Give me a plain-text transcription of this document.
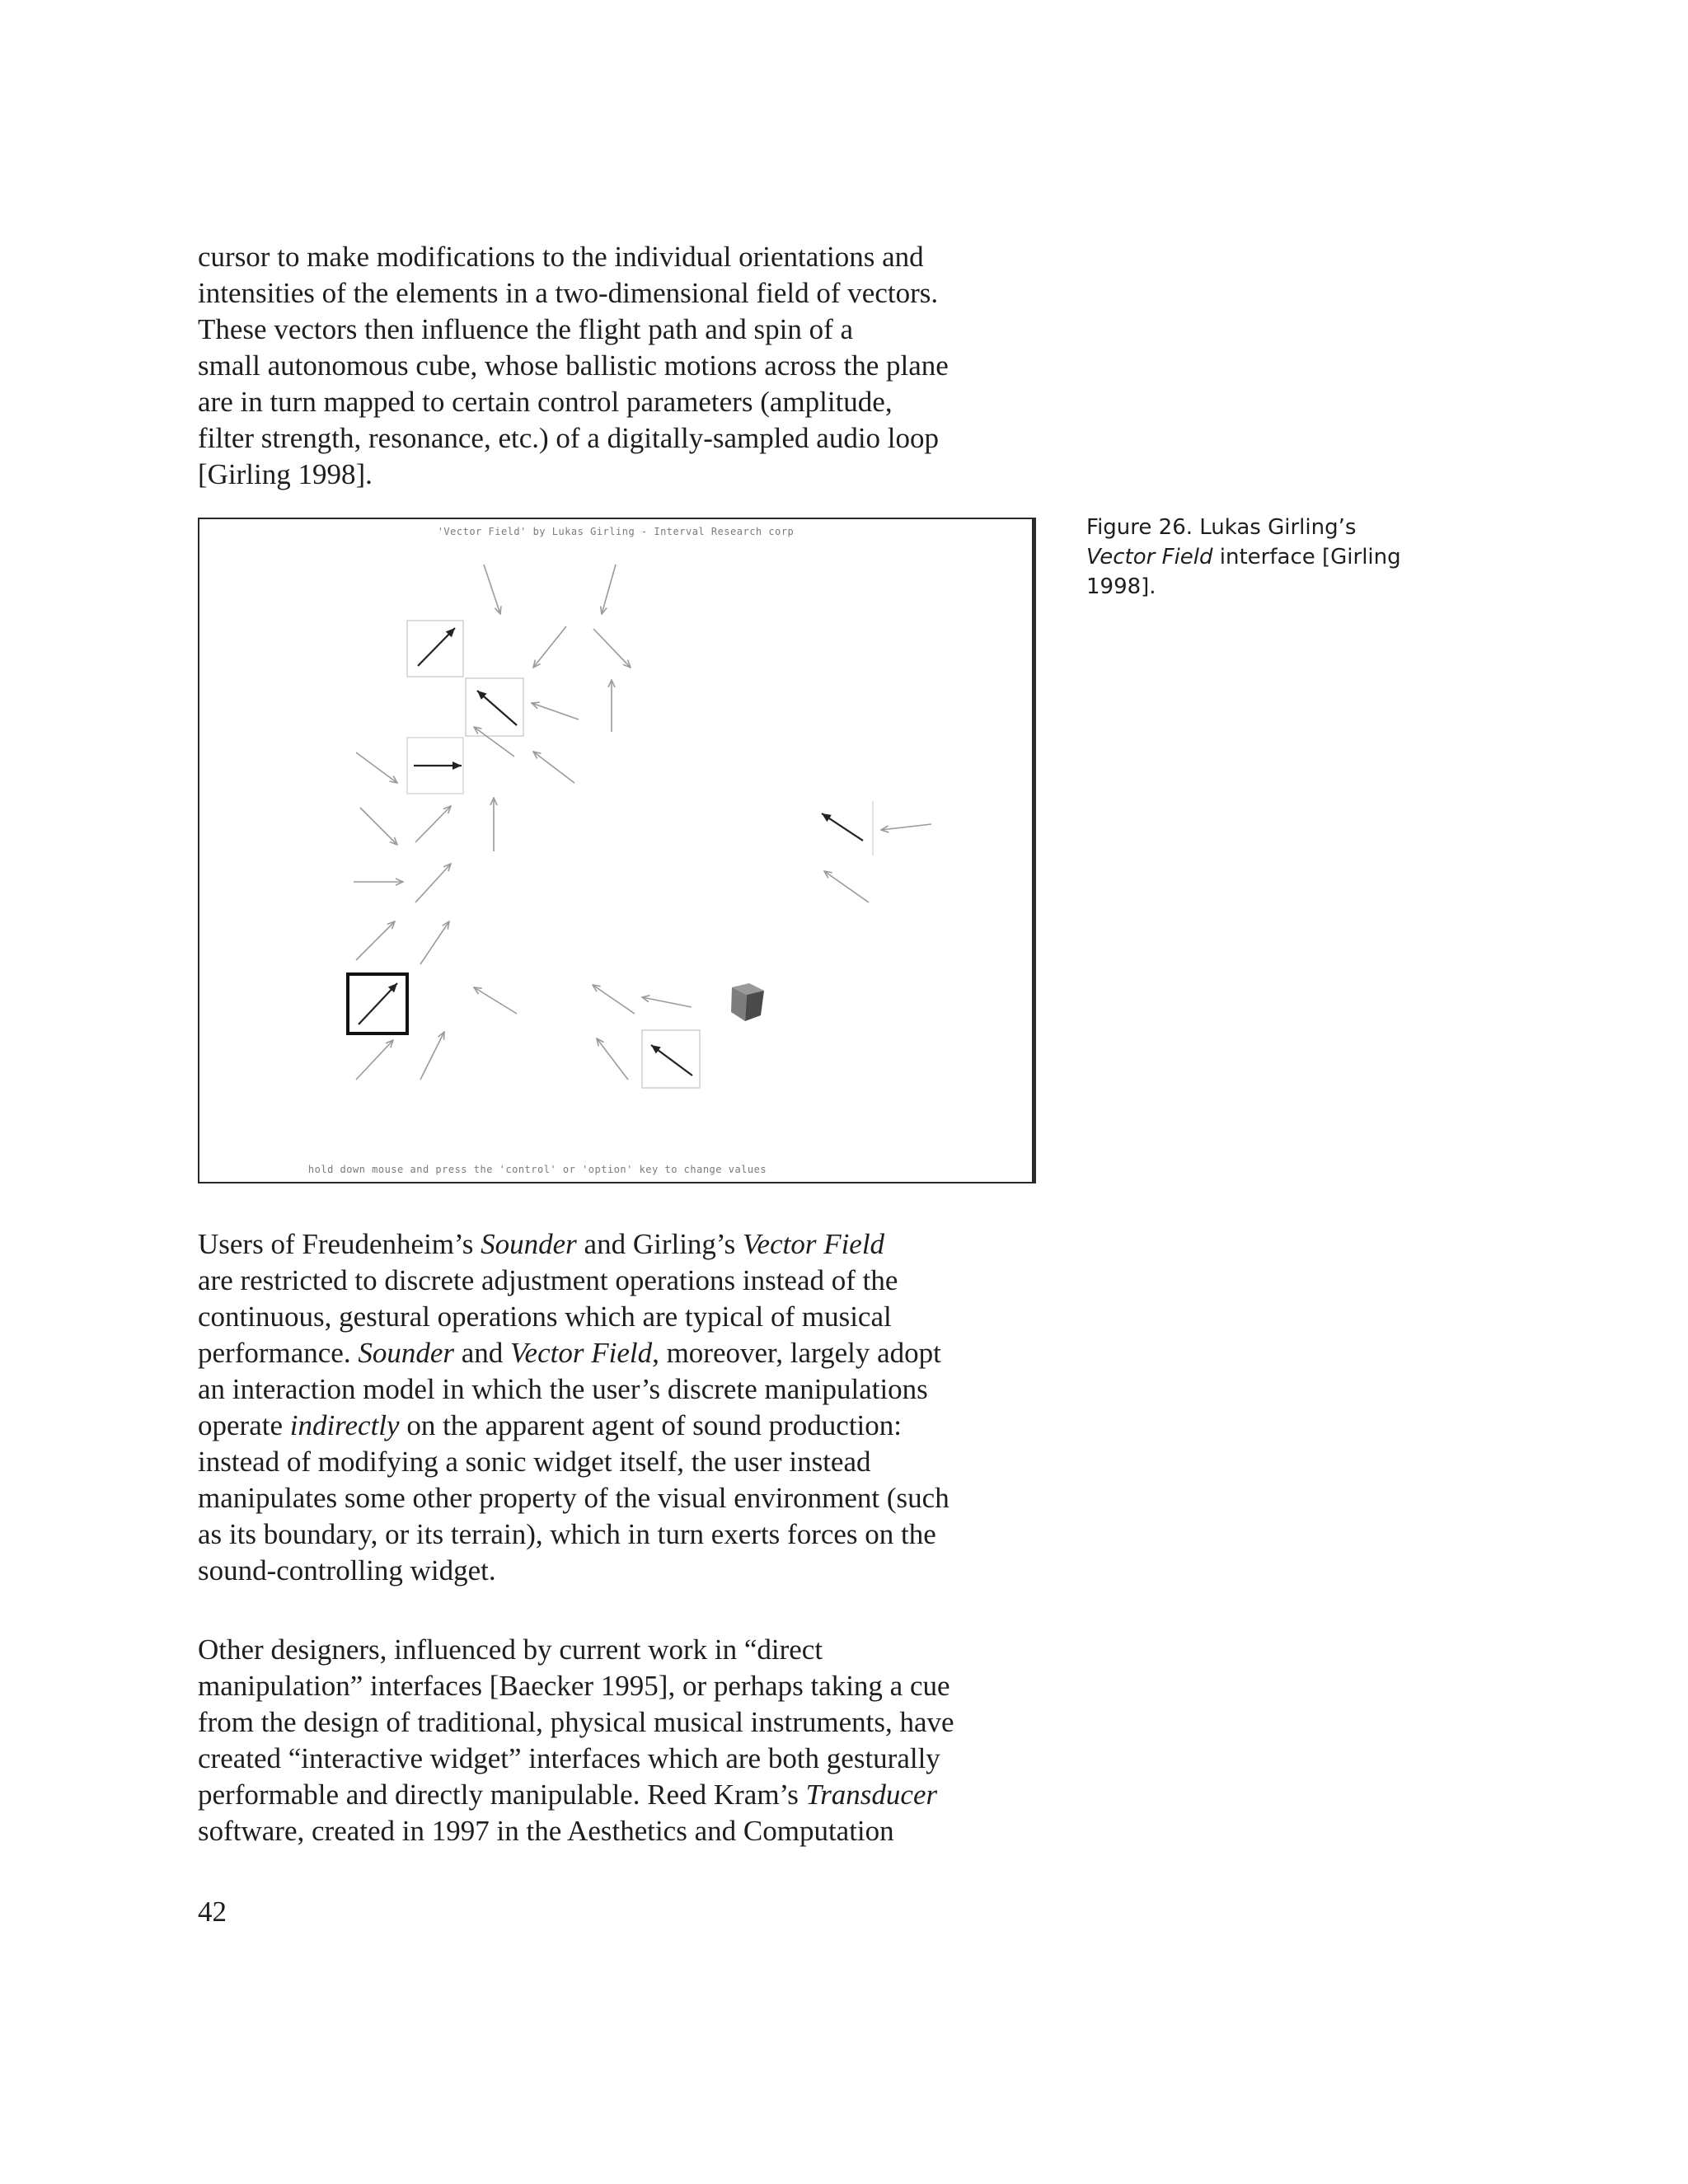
cursor to make modifications to the individual orientations and
intensities of the elements in a two-dimensional field of vectors.
These vectors then influence the flight path and spin of a
small autonomous cube, whose ballistic motions across the plane
are in turn mapped to certain control parameters (amplitude,
filter strength, resonance, etc.) of a digitally-sampled audio loop
[Girling 1998].
'Vector Field' by Lukas Girling - Interval Research corp
hold down mouse and press the 'control' or 'option' key to change values
Figure 26. Lukas Girling’s
Vector Field interface [Girling
1998].
Users of Freudenheim’s Sounder and Girling’s Vector Field
are restricted to discrete adjustment operations instead of the
continuous, gestural operations which are typical of musical
performance. Sounder and Vector Field, moreover, largely adopt
an interaction model in which the user’s discrete manipulations
operate indirectly on the apparent agent of sound production:
instead of modifying a sonic widget itself, the user instead
manipulates some other property of the visual environment (such
as its boundary, or its terrain), which in turn exerts forces on the
sound-controlling widget.
Other designers, influenced by current work in “direct
manipulation” interfaces [Baecker 1995], or perhaps taking a cue
from the design of traditional, physical musical instruments, have
created “interactive widget” interfaces which are both gesturally
performable and directly manipulable. Reed Kram’s Transducer
software, created in 1997 in the Aesthetics and Computation
42
